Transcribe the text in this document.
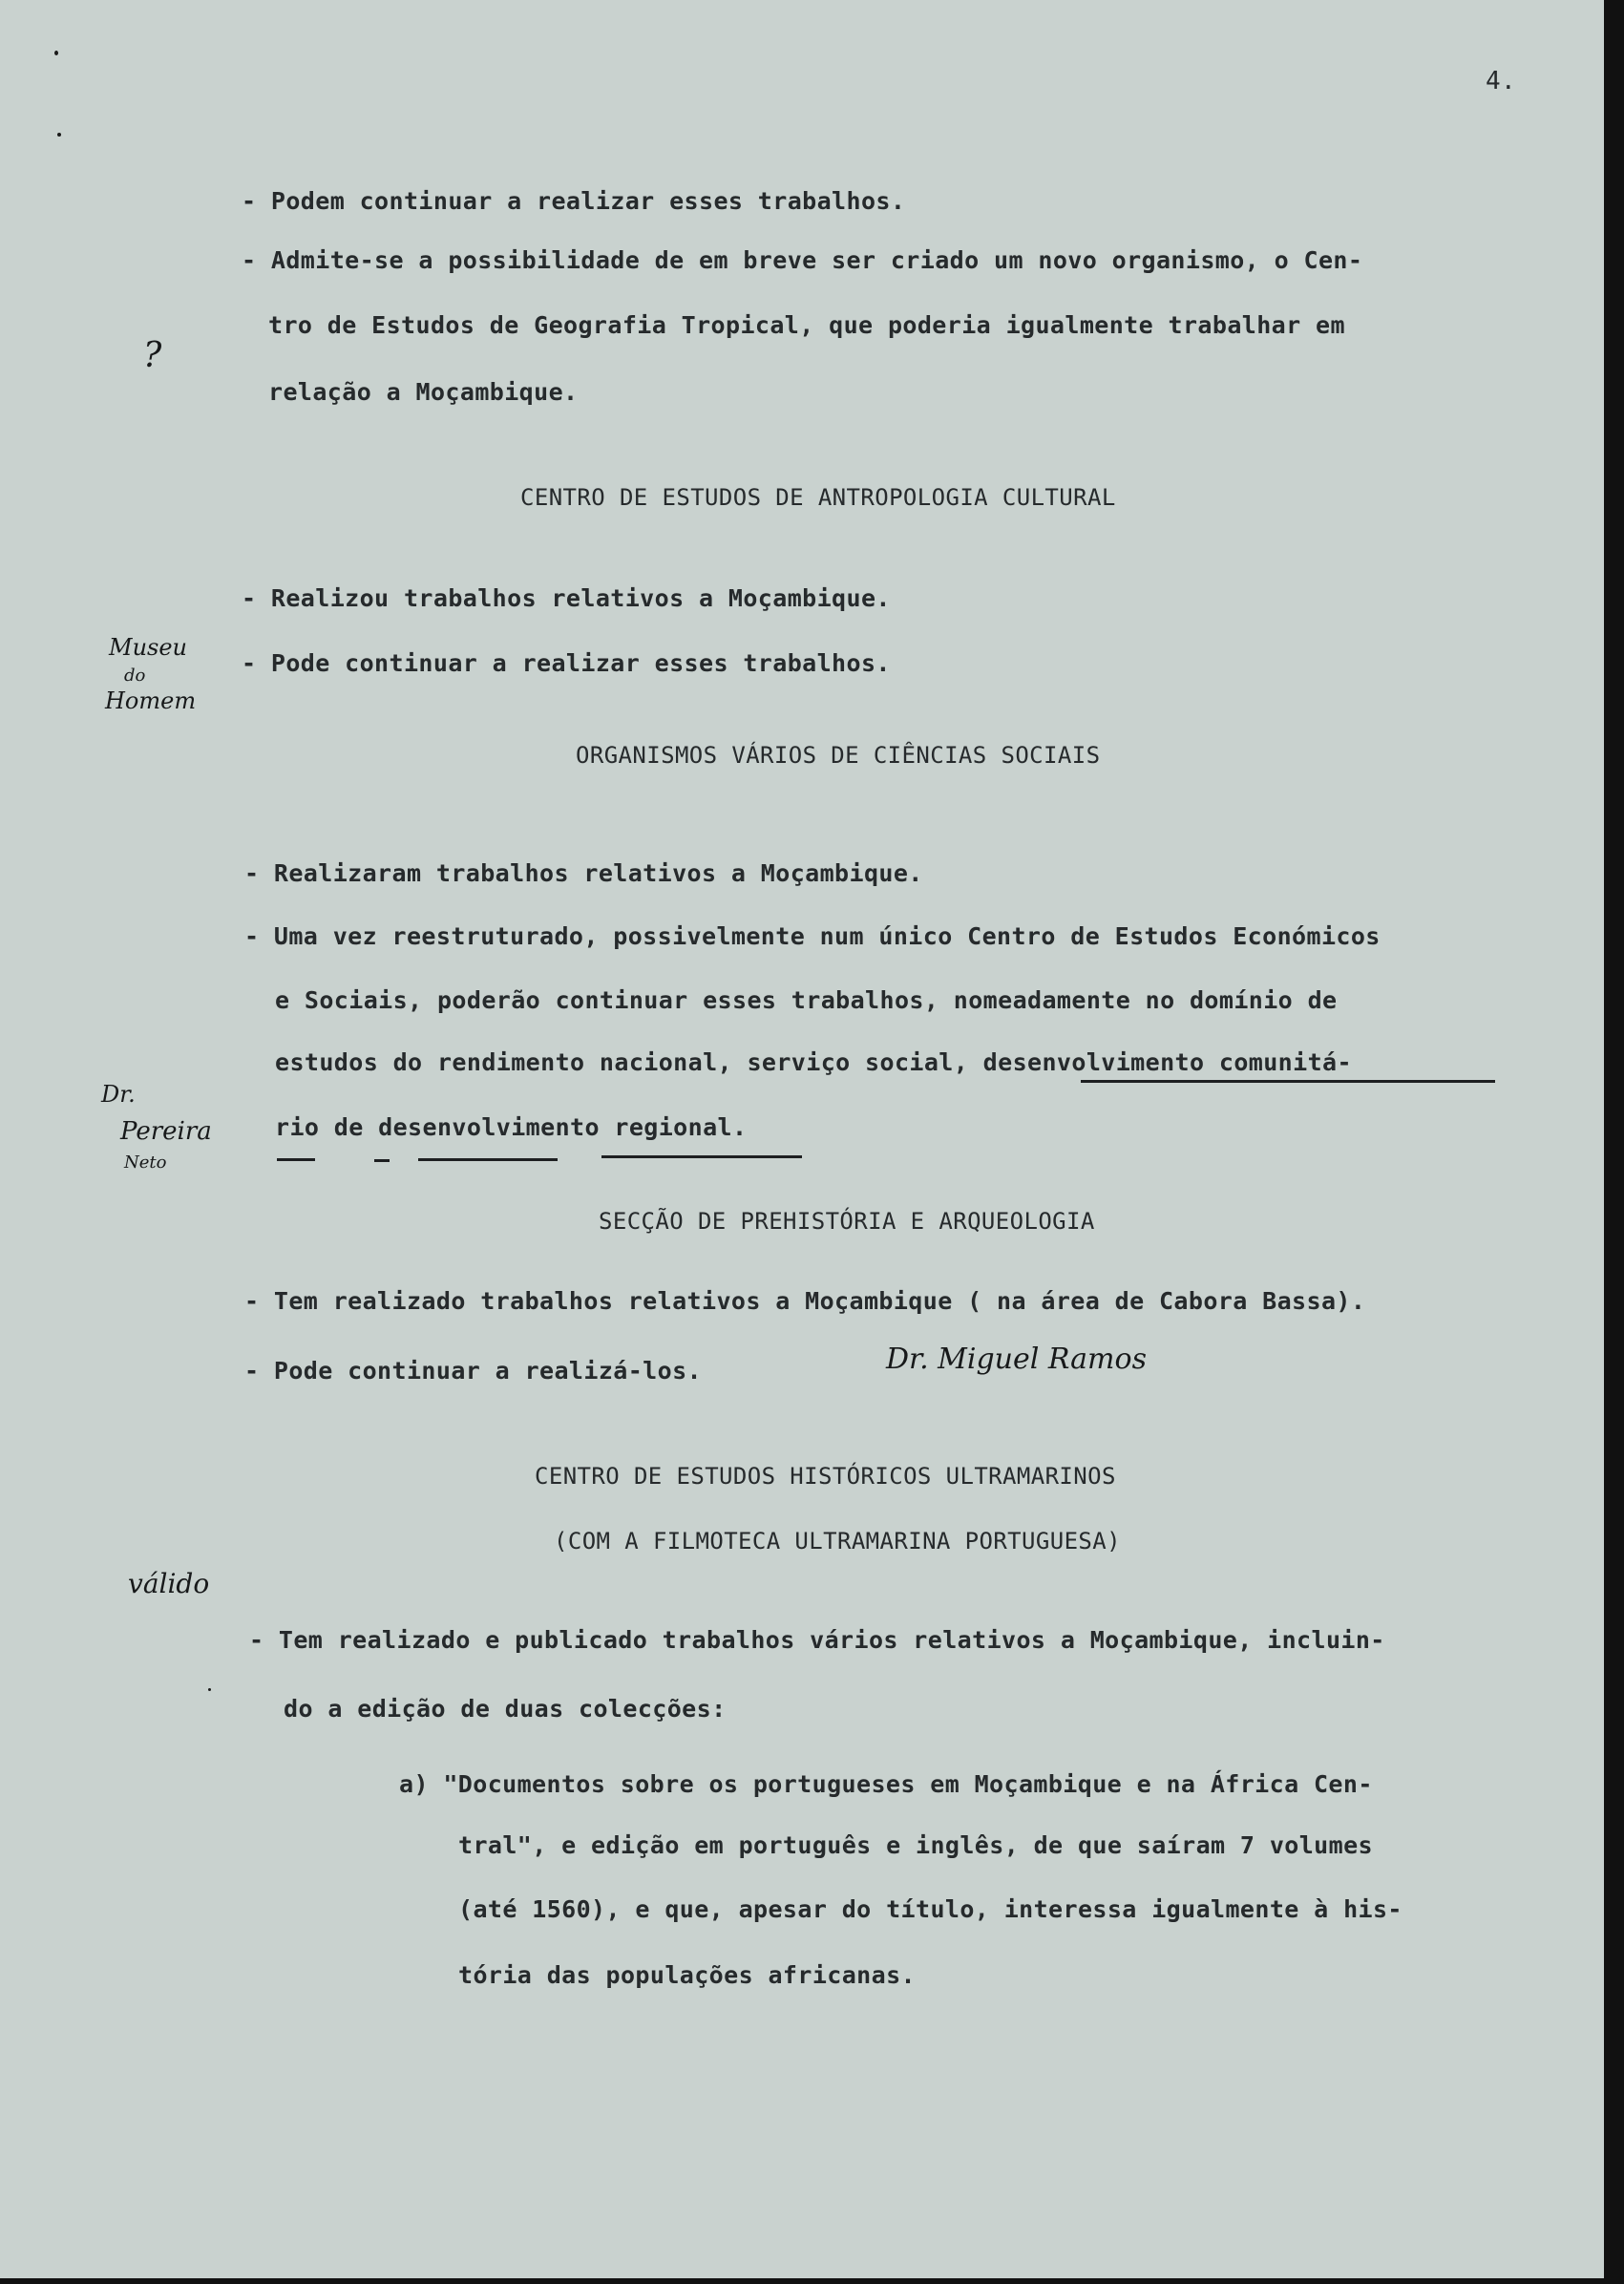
4.
- Podem continuar a realizar esses trabalhos.
- Admite-se a possibilidade de em breve ser criado um novo organismo, o Cen-
tro de Estudos de Geografia Tropical, que poderia igualmente trabalhar em
relação a Moçambique.
CENTRO DE ESTUDOS DE ANTROPOLOGIA CULTURAL
- Realizou trabalhos relativos a Moçambique.
- Pode continuar a realizar esses trabalhos.
ORGANISMOS VÁRIOS DE CIÊNCIAS SOCIAIS
- Realizaram trabalhos relativos a Moçambique.
- Uma vez reestruturado, possivelmente num único Centro de Estudos Económicos
e Sociais, poderão continuar esses trabalhos, nomeadamente no domínio de
estudos do rendimento nacional, serviço social, desenvolvimento comunitá-
rio de desenvolvimento regional.
SECÇÃO DE PREHISTÓRIA E ARQUEOLOGIA
- Tem realizado trabalhos relativos a Moçambique ( na área de Cabora Bassa).
- Pode continuar a realizá-los.
CENTRO DE ESTUDOS HISTÓRICOS ULTRAMARINOS
(COM A FILMOTECA ULTRAMARINA PORTUGUESA)
- Tem realizado e publicado trabalhos vários relativos a Moçambique, incluin-
do a edição de duas colecções:
a) "Documentos sobre os portugueses em Moçambique e na África Cen-
tral", e edição em português e inglês, de que saíram 7 volumes
(até 1560), e que, apesar do título, interessa igualmente à his-
tória das populações africanas.
?
Museu
do
Homem
Dr.
Pereira
Neto
Dr. Miguel Ramos
válido
